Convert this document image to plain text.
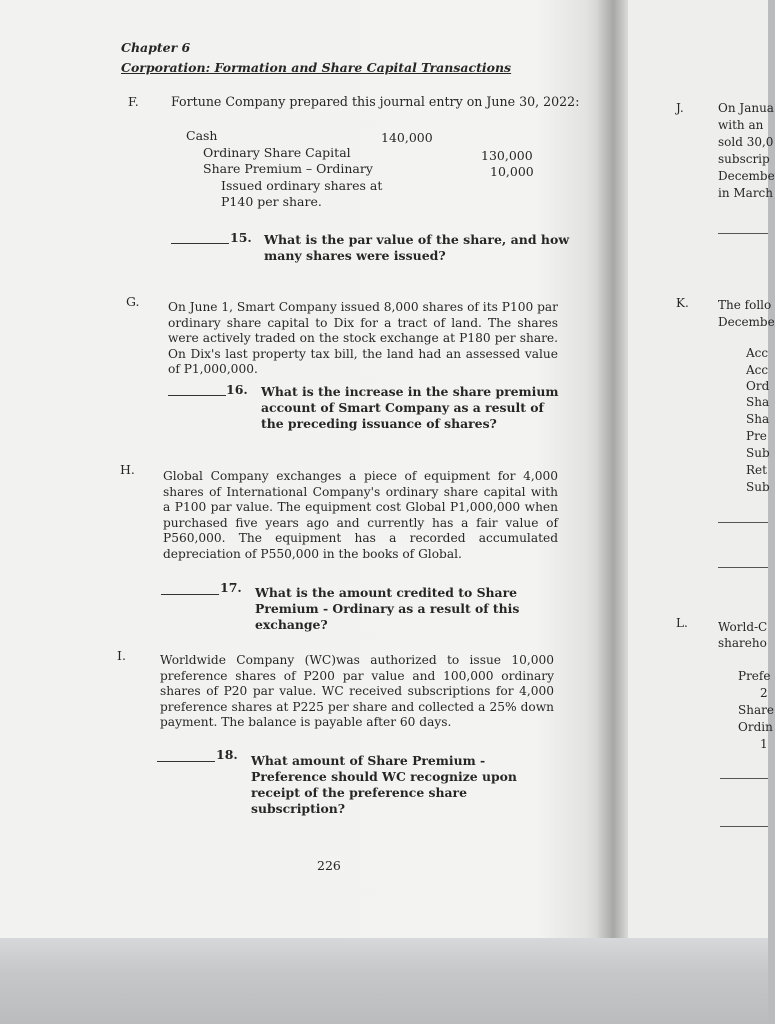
Chapter 6
Corporation: Formation and Share Capital Transactions
F.	Fortune Company prepared this journal entry on June 30, 2022:
Cash	140,000
Ordinary Share Capital	130,000
Share Premium – Ordinary	10,000
Issued ordinary shares at
P140 per share.
15. What is the par value of the share, and how
many shares were issued?
G. On June 1, Smart Company issued 8,000 shares of its P100 par ordinary share capital to Dix for a tract of land. The shares were actively traded on the stock exchange at P180 per share. On Dix's last property tax bill, the land had an assessed value of P1,000,000.
16. What is the increase in the share premium account of Smart Company as a result of the preceding issuance of shares?
H. Global Company exchanges a piece of equipment for 4,000 shares of International Company's ordinary share capital with a P100 par value. The equipment cost Global P1,000,000 when purchased five years ago and currently has a fair value of P560,000. The equipment has a recorded accumulated depreciation of P550,000 in the books of Global.
17. What is the amount credited to Share Premium - Ordinary as a result of this exchange?
I.	Worldwide Company (WC)was authorized to issue 10,000 preference shares of P200 par value and 100,000 ordinary shares of P20 par value. WC received subscriptions for 4,000 preference shares at P225 per share and collected a 25% down payment. The balance is payable after 60 days.
18. What amount of Share Premium - Preference should WC recognize upon receipt of the preference share subscription?
226
J.	On Janua
with an
sold 30,0
subscrip
Decembe
in March
K. The follo
Decembe
Acc
Acc
Ord
Sha
Sha
Pre
Sub
Ret
Sub
L.	World-C
shareho
Prefe
2
Share
Ordin
1
